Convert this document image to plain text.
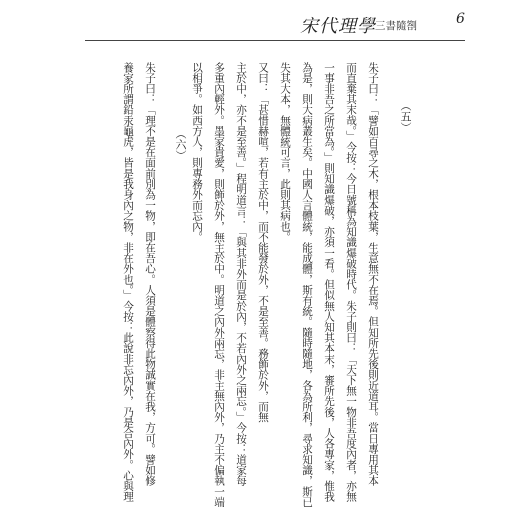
宋代理學 三書隨劄	6
（五）
朱子曰：「譬如百尋之木，根本枝葉，生意無不在焉。但知所先後則近道耳。當日專用其本
而直棄其末哉。」今按：今日號稱為知識爆破時代。朱子則曰：「天下無一物非吾度內者，亦無
一事非吾之所當為。」則知識爆破，亦須一看。但似無人知其本末，審所先後，人各專家，惟我
為是，則大病叢生矣。中國人言體統，能成體，斯有統。隨時隨地，各為所利，尋求知識，斯已
失其大本，無體統可言，此則其病也。
又曰：「甚惜赫喧，若有主於中，而不能發於外，不是至善。務飾於外，而無
主於中，亦不是至善。」程明道言：「與其非外而是於內，不若內外之兩忘。」今按：道家每
多重內輕外。墨家貴愛，則飾於外，無主於中。明道之內外兩忘，非主無內外，乃主不偏執一端
以相爭。如西方人，則專務外而忘內。
（六）
朱子曰：「理不是在面前別為一物，即在吾心。人須是體察得此物誠實在我，方可。譬如修
養家所謂鉛汞龜虎，皆是我身內之物，非在外也。」今按：此說非忘內外，乃是合內外。心與理
